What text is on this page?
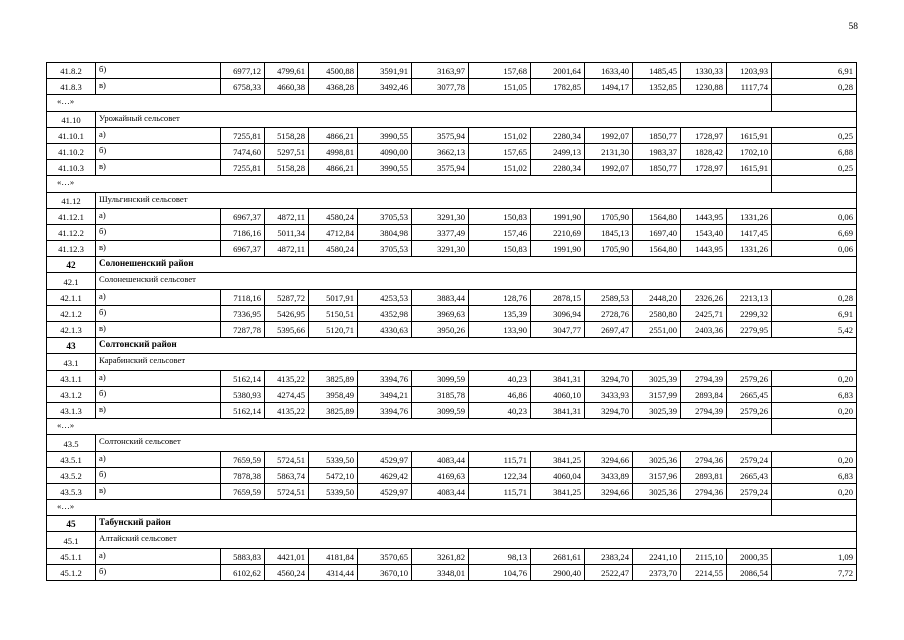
58
41.8.2	б)	6977,12	4799,61	4500,88	3591,91	3163,97	157,68	2001,64	1633,40	1485,45	1330,33	1203,93	6,91
41.8.3	в)	6758,33	4660,38	4368,28	3492,46	3077,78	151,05	1782,85	1494,17	1352,85	1230,88	1117,74	0,28
«…»													
41.10	Урожайный сельсовет												
41.10.1	а)	7255,81	5158,28	4866,21	3990,55	3575,94	151,02	2280,34	1992,07	1850,77	1728,97	1615,91	0,25
41.10.2	б)	7474,60	5297,51	4998,81	4090,00	3662,13	157,65	2499,13	2131,30	1983,37	1828,42	1702,10	6,88
41.10.3	в)	7255,81	5158,28	4866,21	3990,55	3575,94	151,02	2280,34	1992,07	1850,77	1728,97	1615,91	0,25
«…»													
41.12	Шульгинский сельсовет												
41.12.1	а)	6967,37	4872,11	4580,24	3705,53	3291,30	150,83	1991,90	1705,90	1564,80	1443,95	1331,26	0,06
41.12.2	б)	7186,16	5011,34	4712,84	3804,98	3377,49	157,46	2210,69	1845,13	1697,40	1543,40	1417,45	6,69
41.12.3	в)	6967,37	4872,11	4580,24	3705,53	3291,30	150,83	1991,90	1705,90	1564,80	1443,95	1331,26	0,06
42	Солонешенский район												
42.1	Солонешенский сельсовет												
42.1.1	а)	7118,16	5287,72	5017,91	4253,53	3883,44	128,76	2878,15	2589,53	2448,20	2326,26	2213,13	0,28
42.1.2	б)	7336,95	5426,95	5150,51	4352,98	3969,63	135,39	3096,94	2728,76	2580,80	2425,71	2299,32	6,91
42.1.3	в)	7287,78	5395,66	5120,71	4330,63	3950,26	133,90	3047,77	2697,47	2551,00	2403,36	2279,95	5,42
43	Солтонский район												
43.1	Карабинский сельсовет												
43.1.1	а)	5162,14	4135,22	3825,89	3394,76	3099,59	40,23	3841,31	3294,70	3025,39	2794,39	2579,26	0,20
43.1.2	б)	5380,93	4274,45	3958,49	3494,21	3185,78	46,86	4060,10	3433,93	3157,99	2893,84	2665,45	6,83
43.1.3	в)	5162,14	4135,22	3825,89	3394,76	3099,59	40,23	3841,31	3294,70	3025,39	2794,39	2579,26	0,20
«…»													
43.5	Солтонский сельсовет												
43.5.1	а)	7659,59	5724,51	5339,50	4529,97	4083,44	115,71	3841,25	3294,66	3025,36	2794,36	2579,24	0,20
43.5.2	б)	7878,38	5863,74	5472,10	4629,42	4169,63	122,34	4060,04	3433,89	3157,96	2893,81	2665,43	6,83
43.5.3	в)	7659,59	5724,51	5339,50	4529,97	4083,44	115,71	3841,25	3294,66	3025,36	2794,36	2579,24	0,20
«…»													
45	Табунский район												
45.1	Алтайский сельсовет												
45.1.1	а)	5883,83	4421,01	4181,84	3570,65	3261,82	98,13	2681,61	2383,24	2241,10	2115,10	2000,35	1,09
45.1.2	б)	6102,62	4560,24	4314,44	3670,10	3348,01	104,76	2900,40	2522,47	2373,70	2214,55	2086,54	7,72
